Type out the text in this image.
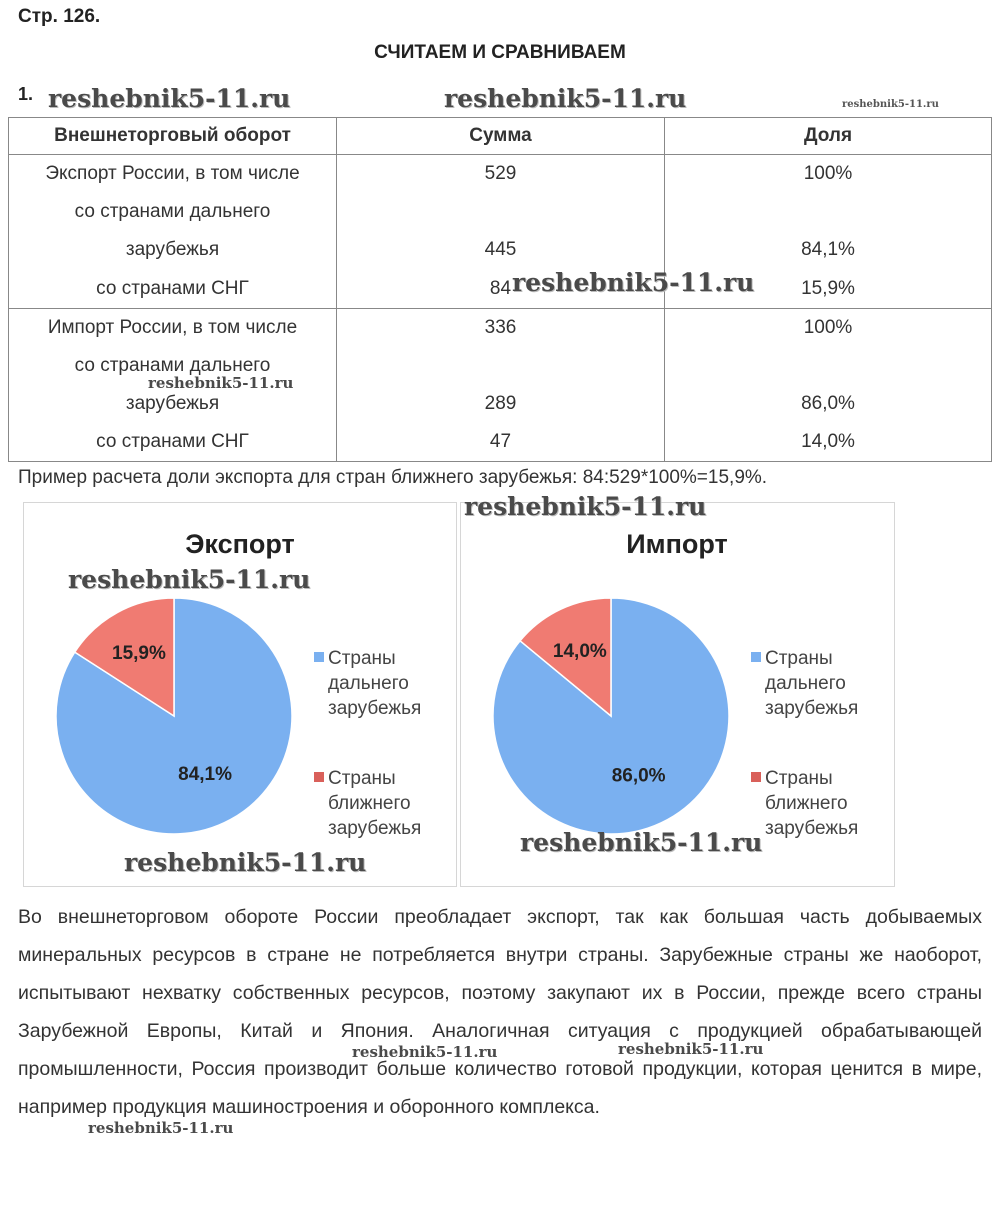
Стр. 126.
СЧИТАЕМ И СРАВНИВАЕМ
1.
Внешнеторговый оборот	Сумма	Доля
Экспорт России, в том числе	529	100%
со странами дальнего		
зарубежья	445	84,1%
со странами СНГ	84	15,9%
Импорт России, в том числе	336	100%
со странами дальнего		
зарубежья	289	86,0%
со странами СНГ	47	14,0%
Пример расчета доли экспорта для стран ближнего зарубежья: 84:529*100%=15,9%.
Экспорт
84,1%
15,9%	Страны
дальнего
зарубежья
Страны
ближнего
зарубежья
Импорт
86,0%
14,0%	Страны
дальнего
зарубежья
Страны
ближнего
зарубежья
Во внешнеторговом обороте России преобладает экспорт, так как большая часть добываемых минеральных ресурсов в стране не потребляется внутри страны. Зарубежные страны же наоборот, испытывают нехватку собственных ресурсов, поэтому закупают их в России, прежде всего страны Зарубежной Европы, Китай и Япония. Аналогичная ситуация с продукцией обрабатывающей промышленности, Россия производит больше количество готовой продукции, которая ценится в мире, например продукция машиностроения и оборонного комплекса.
reshebnik5-11.ru	reshebnik5-11.ru	reshebnik5-11.ru
reshebnik5-11.ru
reshebnik5-11.ru
reshebnik5-11.ru
reshebnik5-11.ru
reshebnik5-11.ru
reshebnik5-11.ru
reshebnik5-11.ru	reshebnik5-11.ru
reshebnik5-11.ru
